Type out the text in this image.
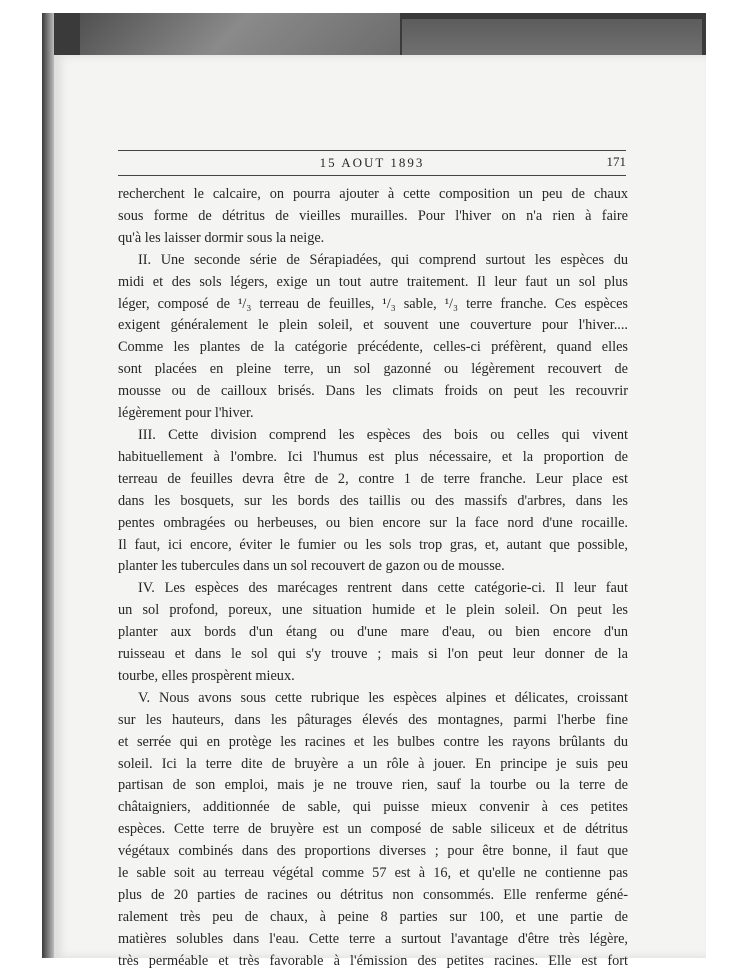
15 AOUT 1893	171

recherchent le calcaire, on pourra ajouter à cette composition un peu de chaux

sous forme de détritus de vieilles murailles. Pour l'hiver on n'a rien à faire

qu'à les laisser dormir sous la neige.

II. Une seconde série de Sérapiadées, qui comprend surtout les espèces du

midi et des sols légers, exige un tout autre traitement. Il leur faut un sol plus

léger, composé de ¹/₃ terreau de feuilles, ¹/₃ sable, ¹/₃ terre franche. Ces espèces

exigent généralement le plein soleil, et souvent une couverture pour l'hiver....

Comme les plantes de la catégorie précédente, celles-ci préfèrent, quand elles

sont placées en pleine terre, un sol gazonné ou légèrement recouvert de

mousse ou de cailloux brisés. Dans les climats froids on peut les recouvrir

légèrement pour l'hiver.

III. Cette division comprend les espèces des bois ou celles qui vivent

habituellement à l'ombre. Ici l'humus est plus nécessaire, et la proportion de

terreau de feuilles devra être de 2, contre 1 de terre franche. Leur place est

dans les bosquets, sur les bords des taillis ou des massifs d'arbres, dans les

pentes ombragées ou herbeuses, ou bien encore sur la face nord d'une rocaille.

Il faut, ici encore, éviter le fumier ou les sols trop gras, et, autant que possible,

planter les tubercules dans un sol recouvert de gazon ou de mousse.

IV. Les espèces des marécages rentrent dans cette catégorie-ci. Il leur faut

un sol profond, poreux, une situation humide et le plein soleil. On peut les

planter aux bords d'un étang ou d'une mare d'eau, ou bien encore d'un

ruisseau et dans le sol qui s'y trouve ; mais si l'on peut leur donner de la

tourbe, elles prospèrent mieux.

V. Nous avons sous cette rubrique les espèces alpines et délicates, croissant

sur les hauteurs, dans les pâturages élevés des montagnes, parmi l'herbe fine

et serrée qui en protège les racines et les bulbes contre les rayons brûlants du

soleil. Ici la terre dite de bruyère a un rôle à jouer. En principe je suis peu

partisan de son emploi, mais je ne trouve rien, sauf la tourbe ou la terre de

châtaigniers, additionnée de sable, qui puisse mieux convenir à ces petites

espèces. Cette terre de bruyère est un composé de sable siliceux et de détritus

végétaux combinés dans des proportions diverses ; pour être bonne, il faut que

le sable soit au terreau végétal comme 57 est à 16, et qu'elle ne contienne pas

plus de 20 parties de racines ou détritus non consommés. Elle renferme géné-

ralement très peu de chaux, à peine 8 parties sur 100, et une partie de

matières solubles dans l'eau. Cette terre a surtout l'avantage d'être très légère,

très perméable et très favorable à l'émission des petites racines. Elle est fort
